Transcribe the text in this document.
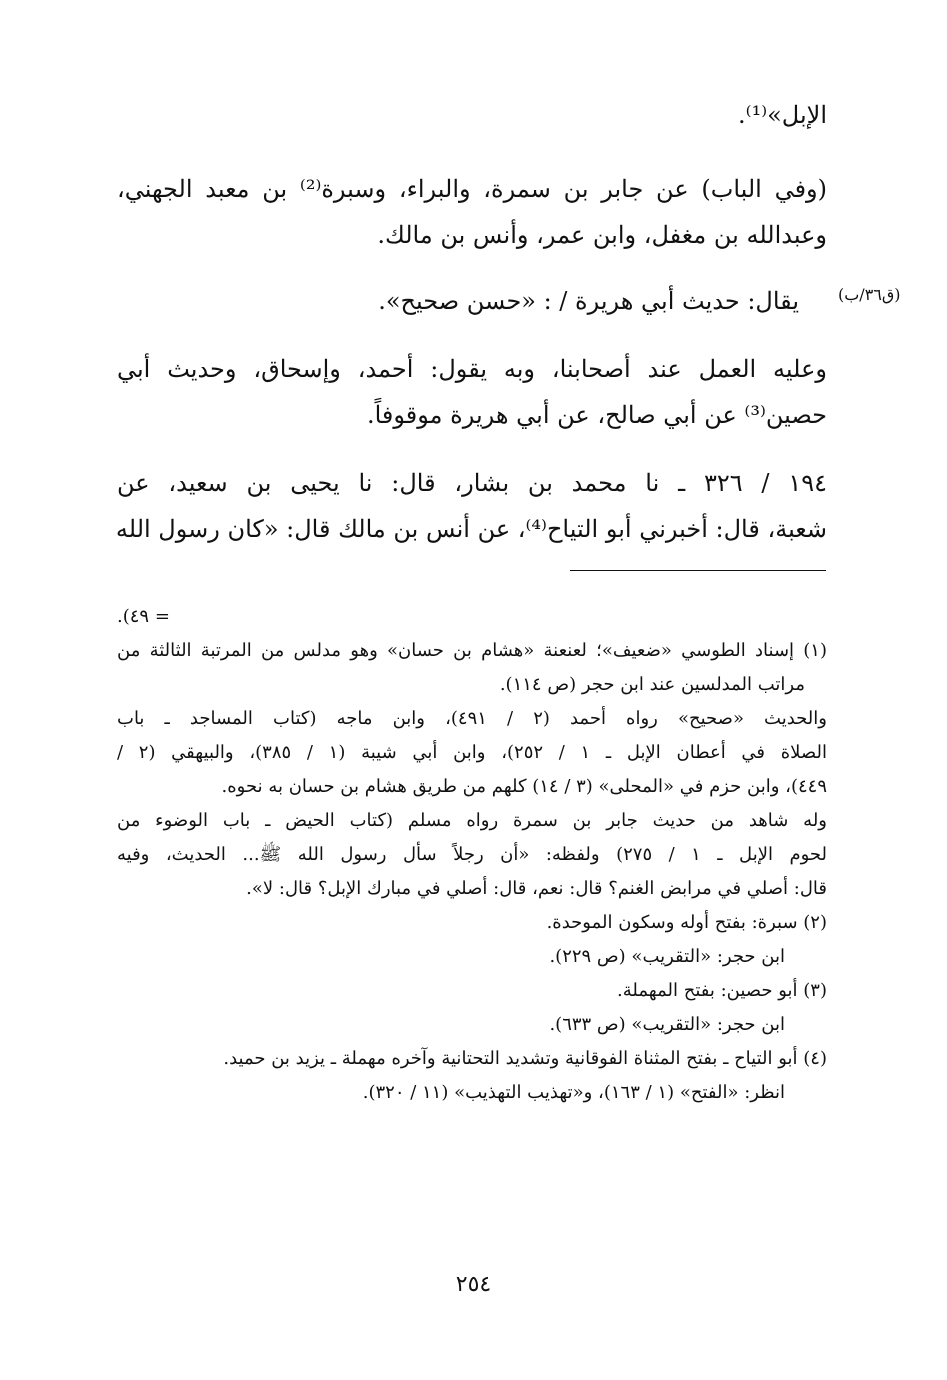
الإبل»⁽¹⁾.
(وفي الباب) عن جابر بن سمرة، والبراء، وسبرة⁽²⁾ بن معبد الجهني،
وعبدالله بن مغفل، وابن عمر، وأنس بن مالك.
يقال: حديث أبي هريرة / : «حسن صحيح». (ق٣٦/ب)
وعليه العمل عند أصحابنا، وبه يقول: أحمد، وإسحاق، وحديث أبي
حصين⁽³⁾ عن أبي صالح، عن أبي هريرة موقوفاً.
١٩٤ / ٣٢٦ ـ نا محمد بن بشار، قال: نا يحيى بن سعيد، عن
شعبة، قال: أخبرني أبو التياح⁽⁴⁾، عن أنس بن مالك قال: «كان رسول الله
= ٤٩).
(١) إسناد الطوسي «ضعيف»؛ لعنعنة «هشام بن حسان» وهو مدلس من المرتبة الثالثة من
مراتب المدلسين عند ابن حجر (ص ١١٤).
والحديث «صحيح» رواه أحمد (٢ / ٤٩١)، وابن ماجه (كتاب المساجد ـ باب
الصلاة في أعطان الإبل ـ ١ / ٢٥٢)، وابن أبي شيبة (١ / ٣٨٥)، والبيهقي (٢ /
٤٤٩)، وابن حزم في «المحلى» (٣ / ١٤) كلهم من طريق هشام بن حسان به نحوه.
وله شاهد من حديث جابر بن سمرة رواه مسلم (كتاب الحيض ـ باب الوضوء من
لحوم الإبل ـ ١ / ٢٧٥) ولفظه: «أن رجلاً سأل رسول الله ﷺ... الحديث، وفيه
قال: أصلي في مرابض الغنم؟ قال: نعم، قال: أصلي في مبارك الإبل؟ قال: لا».
(٢) سبرة: بفتح أوله وسكون الموحدة.
ابن حجر: «التقريب» (ص ٢٢٩).
(٣) أبو حصين: بفتح المهملة.
ابن حجر: «التقريب» (ص ٦٣٣).
(٤) أبو التياح ـ بفتح المثناة الفوقانية وتشديد التحتانية وآخره مهملة ـ يزيد بن حميد.
انظر: «الفتح» (١ / ١٦٣)، و«تهذيب التهذيب» (١١ / ٣٢٠).
٢٥٤
